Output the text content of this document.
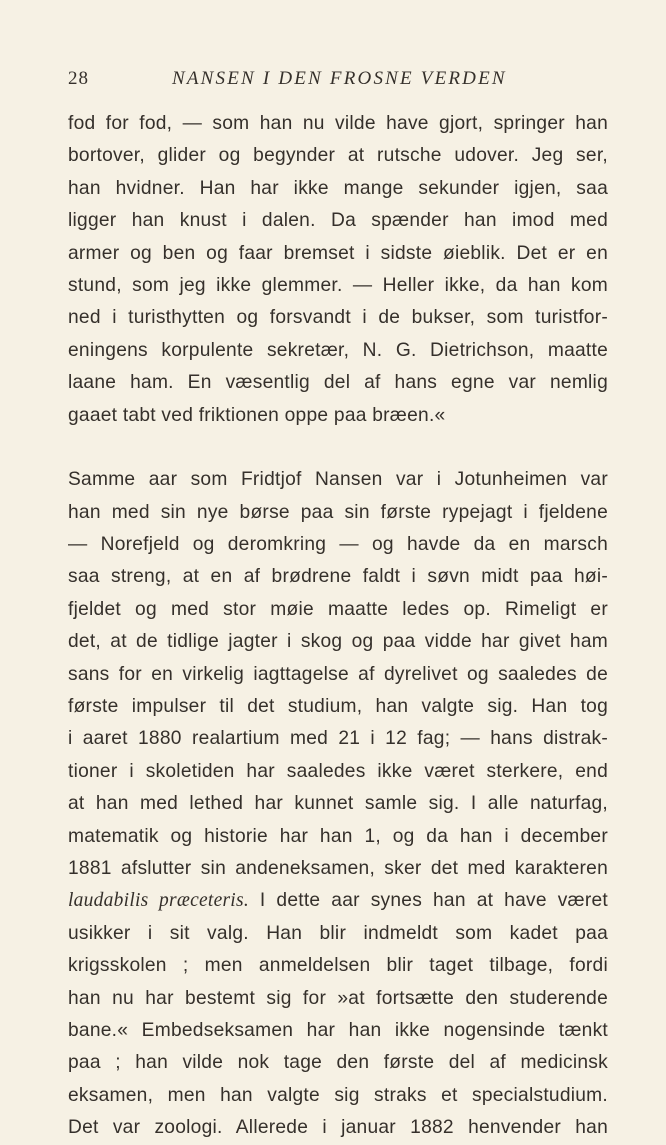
28	NANSEN I DEN FROSNE VERDEN
fod for fod, — som han nu vilde have gjort, springer han
bortover, glider og begynder at rutsche udover. Jeg ser,
han hvidner. Han har ikke mange sekunder igjen, saa
ligger han knust i dalen. Da spænder han imod med
armer og ben og faar bremset i sidste øieblik. Det er en
stund, som jeg ikke glemmer. — Heller ikke, da han kom
ned i turisthytten og forsvandt i de bukser, som turistfor-
eningens korpulente sekretær, N. G. Dietrichson, maatte
laane ham. En væsentlig del af hans egne var nemlig
gaaet tabt ved friktionen oppe paa bræen.«
Samme aar som Fridtjof Nansen var i Jotunheimen var
han med sin nye børse paa sin første rypejagt i fjeldene
— Norefjeld og deromkring — og havde da en marsch
saa streng, at en af brødrene faldt i søvn midt paa høi-
fjeldet og med stor møie maatte ledes op. Rimeligt er
det, at de tidlige jagter i skog og paa vidde har givet ham
sans for en virkelig iagttagelse af dyrelivet og saaledes de
første impulser til det studium, han valgte sig. Han tog
i aaret 1880 realartium med 21 i 12 fag; — hans distrak-
tioner i skoletiden har saaledes ikke været sterkere, end
at han med lethed har kunnet samle sig. I alle naturfag,
matematik og historie har han 1, og da han i december
1881 afslutter sin andeneksamen, sker det med karakteren
laudabilis præceteris. I dette aar synes han at have været
usikker i sit valg. Han blir indmeldt som kadet paa
krigsskolen ; men anmeldelsen blir taget tilbage, fordi
han nu har bestemt sig for »at fortsætte den studerende
bane.« Embedseksamen har han ikke nogensinde tænkt
paa ; han vilde nok tage den første del af medicinsk
eksamen, men han valgte sig straks et specialstudium.
Det var zoologi. Allerede i januar 1882 henvender han
